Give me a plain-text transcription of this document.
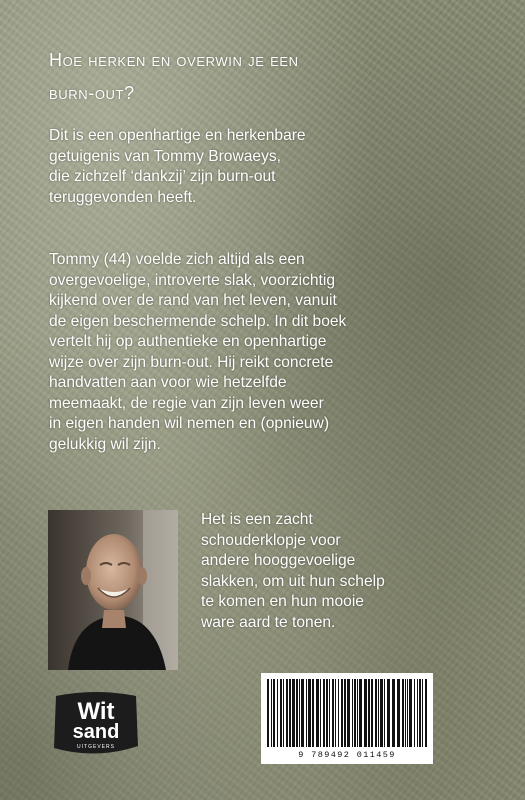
Hoe herken en overwin je een
burn-out?
Dit is een openhartige en herkenbare
getuigenis van Tommy Browaeys,
die zichzelf ‘dankzij’ zijn burn-out
teruggevonden heeft.
Tommy (44) voelde zich altijd als een
overgevoelige, introverte slak, voorzichtig
kijkend over de rand van het leven, vanuit
de eigen beschermende schelp. In dit boek
vertelt hij op authentieke en openhartige
wijze over zijn burn-out. Hij reikt concrete
handvatten aan voor wie hetzelfde
meemaakt, de regie van zijn leven weer
in eigen handen wil nemen en (opnieuw)
gelukkig wil zijn.
Het is een zacht
schouderklopje voor
andere hooggevoelige
slakken, om uit hun schelp
te komen en hun mooie
ware aard te tonen.
Wit
sand
UITGEVERS
9 789492 011459
